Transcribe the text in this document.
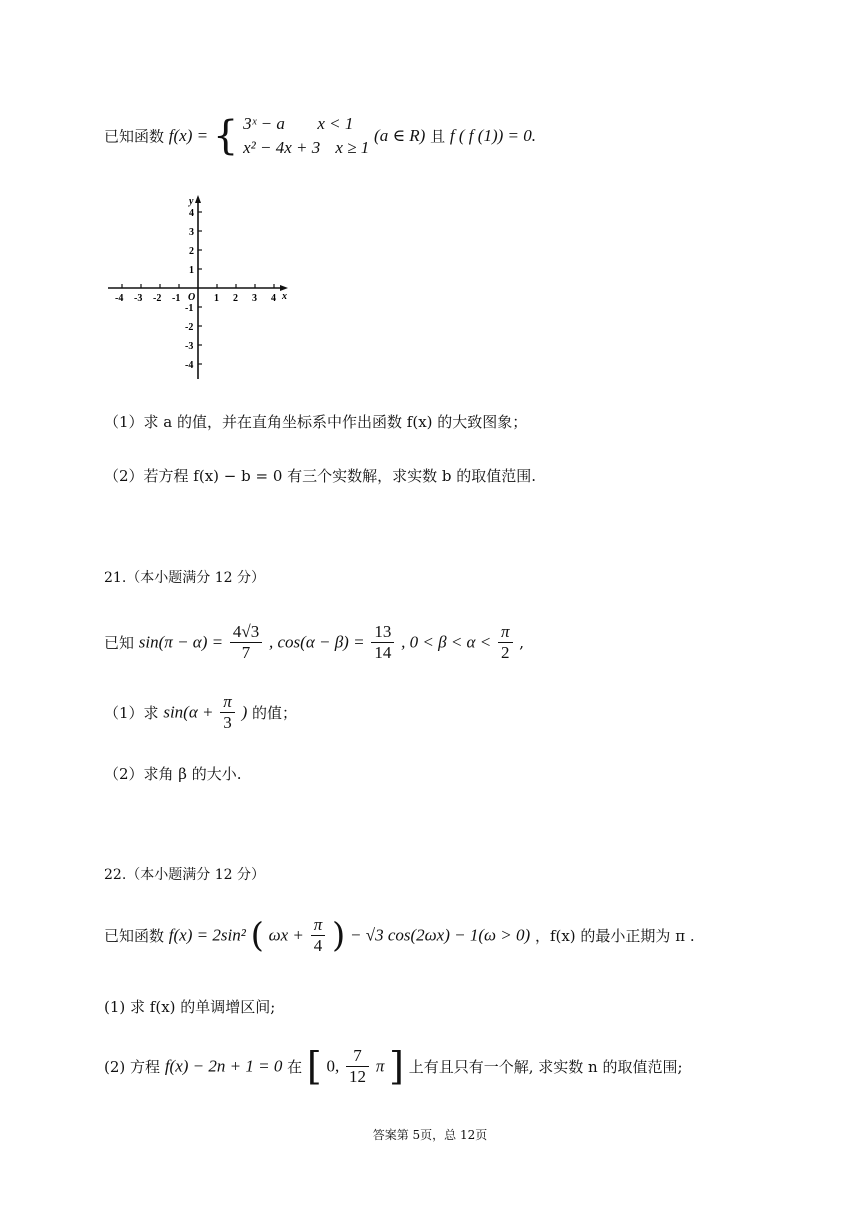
已知函数 f(x) = { 3ˣ − a x < 1
x² − 4x + 3 x ≥ 1
(a ∈ R) 且 f ( f (1)) = 0.
-4 -3 -2 -1	1 2 3 4
4
3
2
1
-1
-2
-3
-4
O	x
y
（1）求 a 的值，并在直角坐标系中作出函数 f(x) 的大致图象；
（2）若方程 f(x) − b = 0 有三个实数解，求实数 b 的取值范围.
21.（本小题满分 12 分）
已知 $\sin(\pi - \alpha) = \frac{4√3}{7}$ , $\cos(\alpha - \beta) = \frac{13}{14}$ , $0 < \beta < \alpha < \frac{\pi}{2}$ ,
（1）求 $\sin(\alpha + \frac{\pi}{3}$ ) 的值；
（2）求角 β 的大小.
22.（本小题满分 12 分）
已知函数 f(x) = 2sin² ( $\omega x + \frac{\pi}{4}$ ) − √3 cos(2ωx) − 1(ω > 0) ，f(x) 的最小正期为 π .
(1) 求 f(x) 的单调增区间;
(2) 方程 f(x) − 2n + 1 = 0 在 [ 0, $\frac{7}{12}$ π ] 上有且只有一个解, 求实数 n 的取值范围;
答案第 5页，总 12页
